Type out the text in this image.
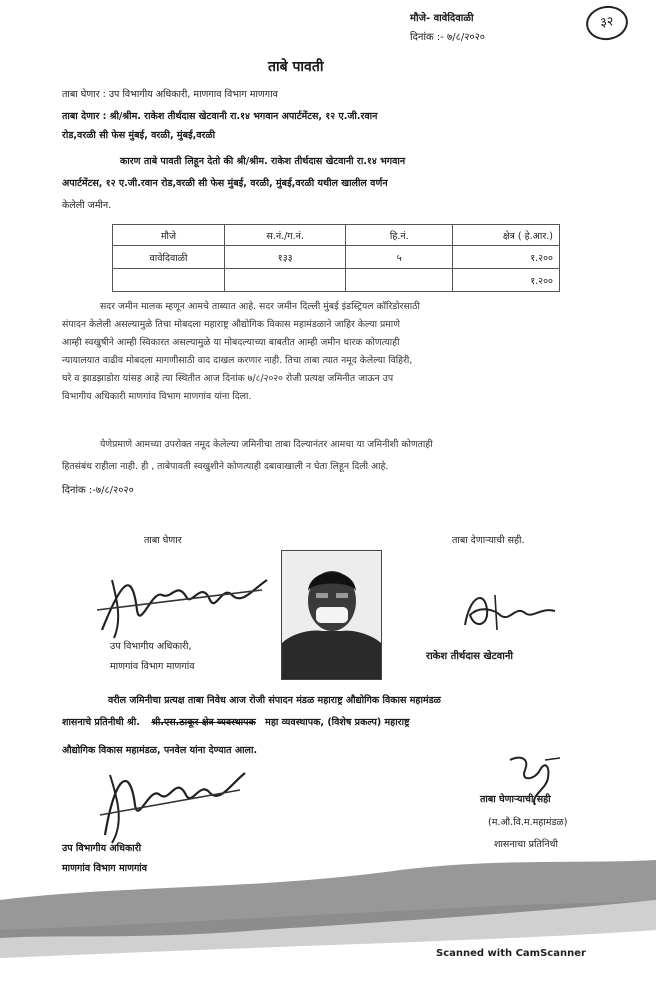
मौजे- वावेदिवाळी
दिनांक :- ७/८/२०२०
३२
ताबे पावती
ताबा घेणार : उप विभागीय अधिकारी, माणगाव विभाग माणगाव
ताबा देणार : श्री/श्रीम. राकेश तीर्थदास खेटवानी रा.१४ भगवान अपार्टमेंटस, १२ ए.जी.रवान
रोड,वरळी सी फेस मुंबई, वरळी, मुंबई,वरळी
कारण ताबे पावती लिहून देतो की श्री/श्रीम. राकेश तीर्थदास खेटवानी रा.१४ भगवान
अपार्टमेंटस, १२ ए.जी.रवान रोड,वरळी सी फेस मुंबई, वरळी, मुंबई,वरळी यथील खालील वर्णन
केलेली जमीन.
मौजे	स.नं./ग.नं.	हि.नं.	क्षेत्र ( हे.आर.)
वावेदिवाळी	१३३	५	१.२००
			१.२००
सदर जमीन मालक म्हणून आमचे ताब्यात आहे. सदर जमीन दिल्ली मुंबई इंडस्ट्रियल कॉरिडोरसाठी
संपादन केलेली असल्यामुळे तिचा मोबदला महाराष्ट्र औद्योगिक विकास महामंडळाने जाहिर केल्या प्रमाणे
आम्ही स्वखुषीने आम्ही स्विकारत असल्यामुळे या मोबदल्याच्या बाबतीत आम्ही जमीन धारक कोणत्याही
न्यायालयात वाढीव मोबदला मागणीसाठी वाद दाखल करणार नाही. तिचा ताबा त्यात नमूद केलेल्या विहिरी,
घरे व झाडझाडोरा यांसह आहे त्या स्थितीत आज दिनांक ७/८/२०२० रोजी प्रत्यक्ष जमिनीत जाऊन उप
विभागीय अधिकारी माणगांव विभाग माणगांव यांना दिला.
येणेप्रमाणे आमच्या उपरोक्त नमूद केलेल्या जमिनीचा ताबा दिल्यानंतर आमचा या जमिनीशी कोणताही
हितसंबंध राहीला नाही. ही , ताबेपावती स्वखुशीने कोणत्याही दबावाखाली न घेता लिहून दिली आहे.
दिनांक :-७/८/२०२०
ताबा घेणार	ताबा देणाऱ्याची सही.
उप विभागीय अधिकारी,
माणगांव विभाग माणगांव
राकेश तीर्थदास खेटवानी
वरील जमिनीचा प्रत्यक्ष ताबा निवेध आज रोजी संपादन मंडळ महाराष्ट्र औद्योगिक विकास महामंडळ
शासनाचे प्रतिनीधी श्री. श्री.एस.ठाकूर क्षेत्र व्यवस्थापक महा व्यवस्थापक, (विशेष प्रकल्प) महाराष्ट्र
औद्योगिक विकास महामंडळ, पनवेल यांना देण्यात आला.
ताबा घेणाऱ्याची सही
(म.औ.वि.म.महामंडळ)
शासनाचा प्रतिनिधी
उप विभागीय अधिकारी
माणगांव विभाग माणगांव
Scanned with CamScanner
